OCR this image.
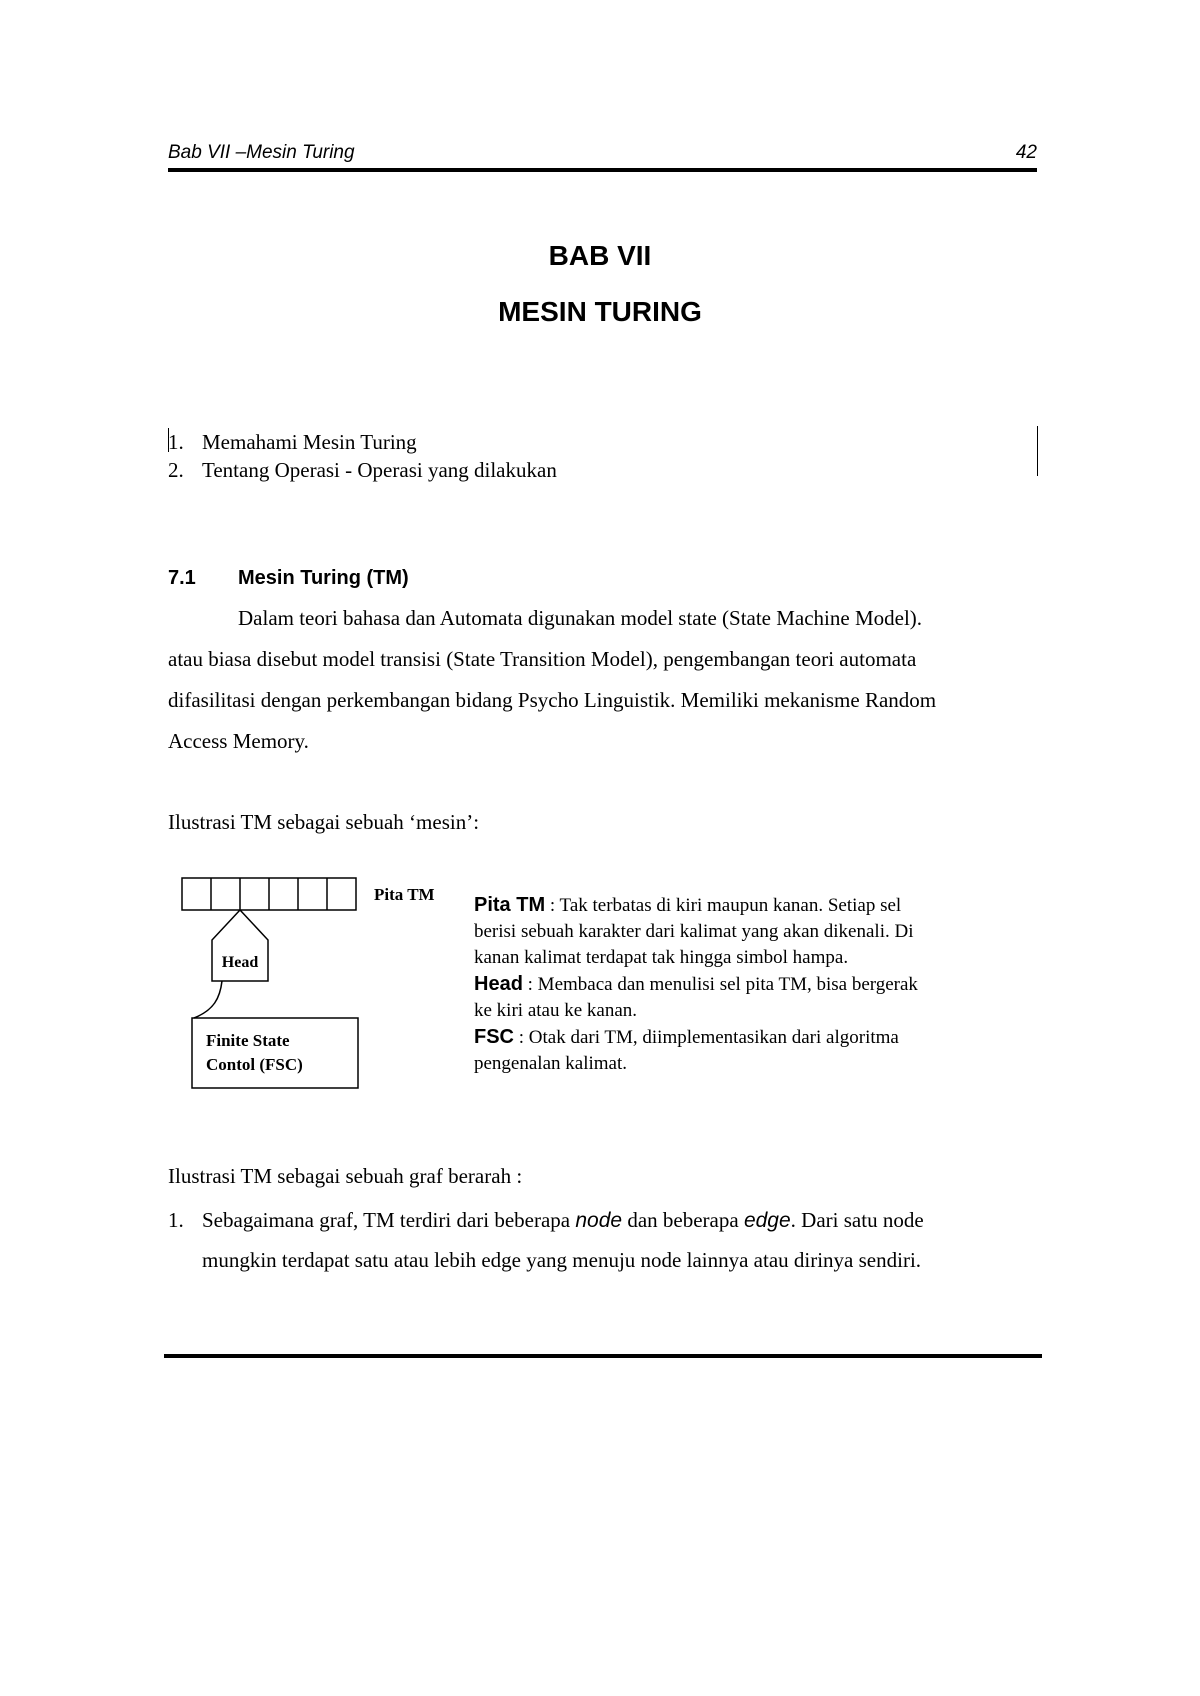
Bab VII –Mesin Turing	42
BAB VII
MESIN TURING
1. Memahami Mesin Turing
2. Tentang Operasi - Operasi yang dilakukan
7.1 Mesin Turing (TM)
Dalam teori bahasa dan Automata digunakan model state (State Machine Model).
atau biasa disebut model transisi (State Transition Model), pengembangan teori automata
difasilitasi dengan perkembangan bidang Psycho Linguistik. Memiliki mekanisme Random
Access Memory.
Ilustrasi TM sebagai sebuah ‘mesin’:
Pita TM
Head
Finite State
Contol (FSC)
Pita TM : Tak terbatas di kiri maupun kanan. Setiap sel
berisi sebuah karakter dari kalimat yang akan dikenali. Di
kanan kalimat terdapat tak hingga simbol hampa.
Head : Membaca dan menulisi sel pita TM, bisa bergerak
ke kiri atau ke kanan.
FSC : Otak dari TM, diimplementasikan dari algoritma
pengenalan kalimat.
Ilustrasi TM sebagai sebuah graf berarah :
1. Sebagaimana graf, TM terdiri dari beberapa node dan beberapa edge. Dari satu node
mungkin terdapat satu atau lebih edge yang menuju node lainnya atau dirinya sendiri.
